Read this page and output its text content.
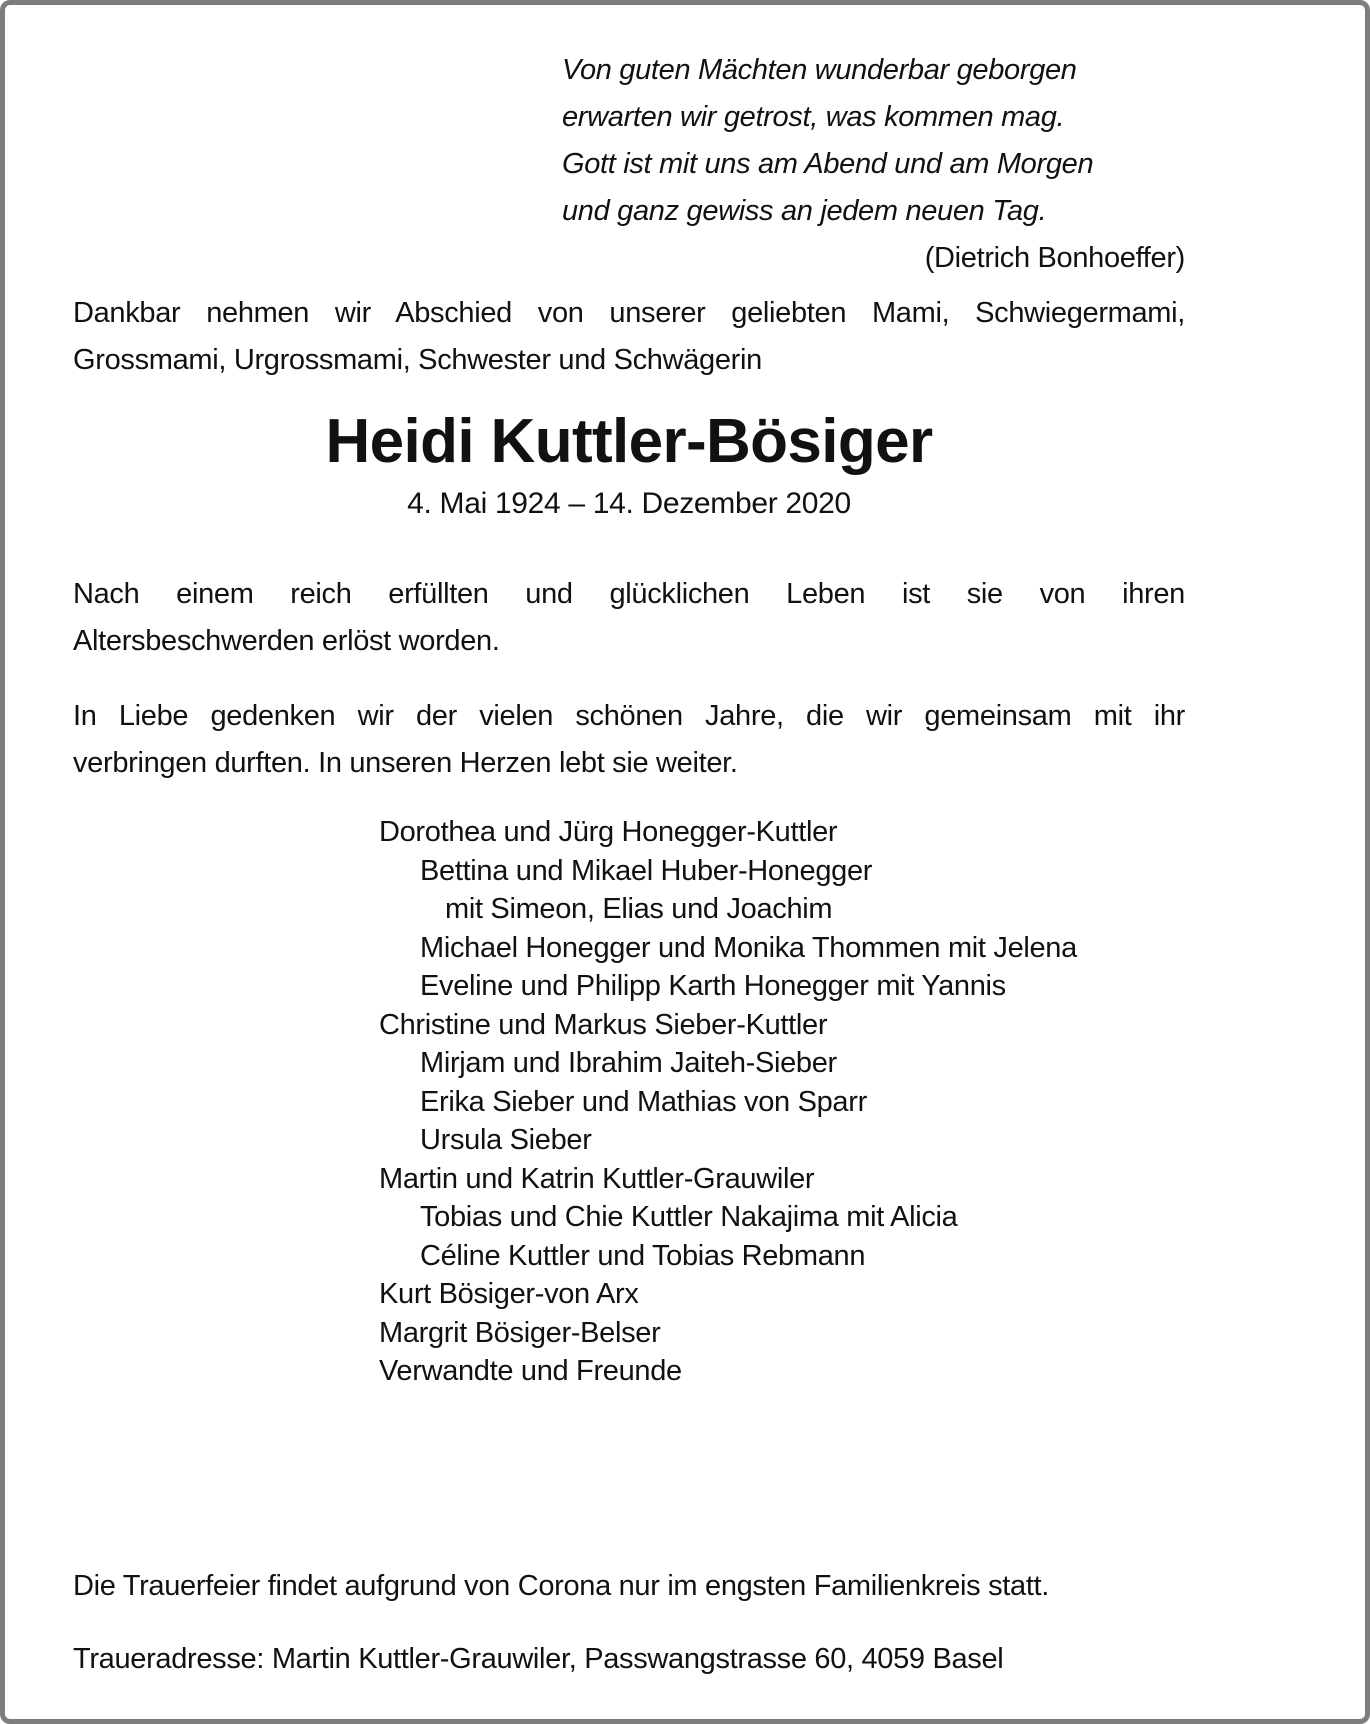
Von guten Mächten wunderbar geborgen
erwarten wir getrost, was kommen mag.
Gott ist mit uns am Abend und am Morgen
und ganz gewiss an jedem neuen Tag.
(Dietrich Bonhoeffer)
Dankbar nehmen wir Abschied von unserer geliebten Mami, Schwiegermami,
Grossmami, Urgrossmami, Schwester und Schwägerin
Heidi Kuttler-Bösiger
4. Mai 1924 – 14. Dezember 2020
Nach einem reich erfüllten und glücklichen Leben ist sie von ihren
Altersbeschwerden erlöst worden.
In Liebe gedenken wir der vielen schönen Jahre, die wir gemeinsam mit ihr
verbringen durften. In unseren Herzen lebt sie weiter.
Dorothea und Jürg Honegger-Kuttler
Bettina und Mikael Huber-Honegger
mit Simeon, Elias und Joachim
Michael Honegger und Monika Thommen mit Jelena
Eveline und Philipp Karth Honegger mit Yannis
Christine und Markus Sieber-Kuttler
Mirjam und Ibrahim Jaiteh-Sieber
Erika Sieber und Mathias von Sparr
Ursula Sieber
Martin und Katrin Kuttler-Grauwiler
Tobias und Chie Kuttler Nakajima mit Alicia
Céline Kuttler und Tobias Rebmann
Kurt Bösiger-von Arx
Margrit Bösiger-Belser
Verwandte und Freunde
Die Trauerfeier findet aufgrund von Corona nur im engsten Familienkreis statt.
Traueradresse: Martin Kuttler-Grauwiler, Passwangstrasse 60, 4059 Basel
